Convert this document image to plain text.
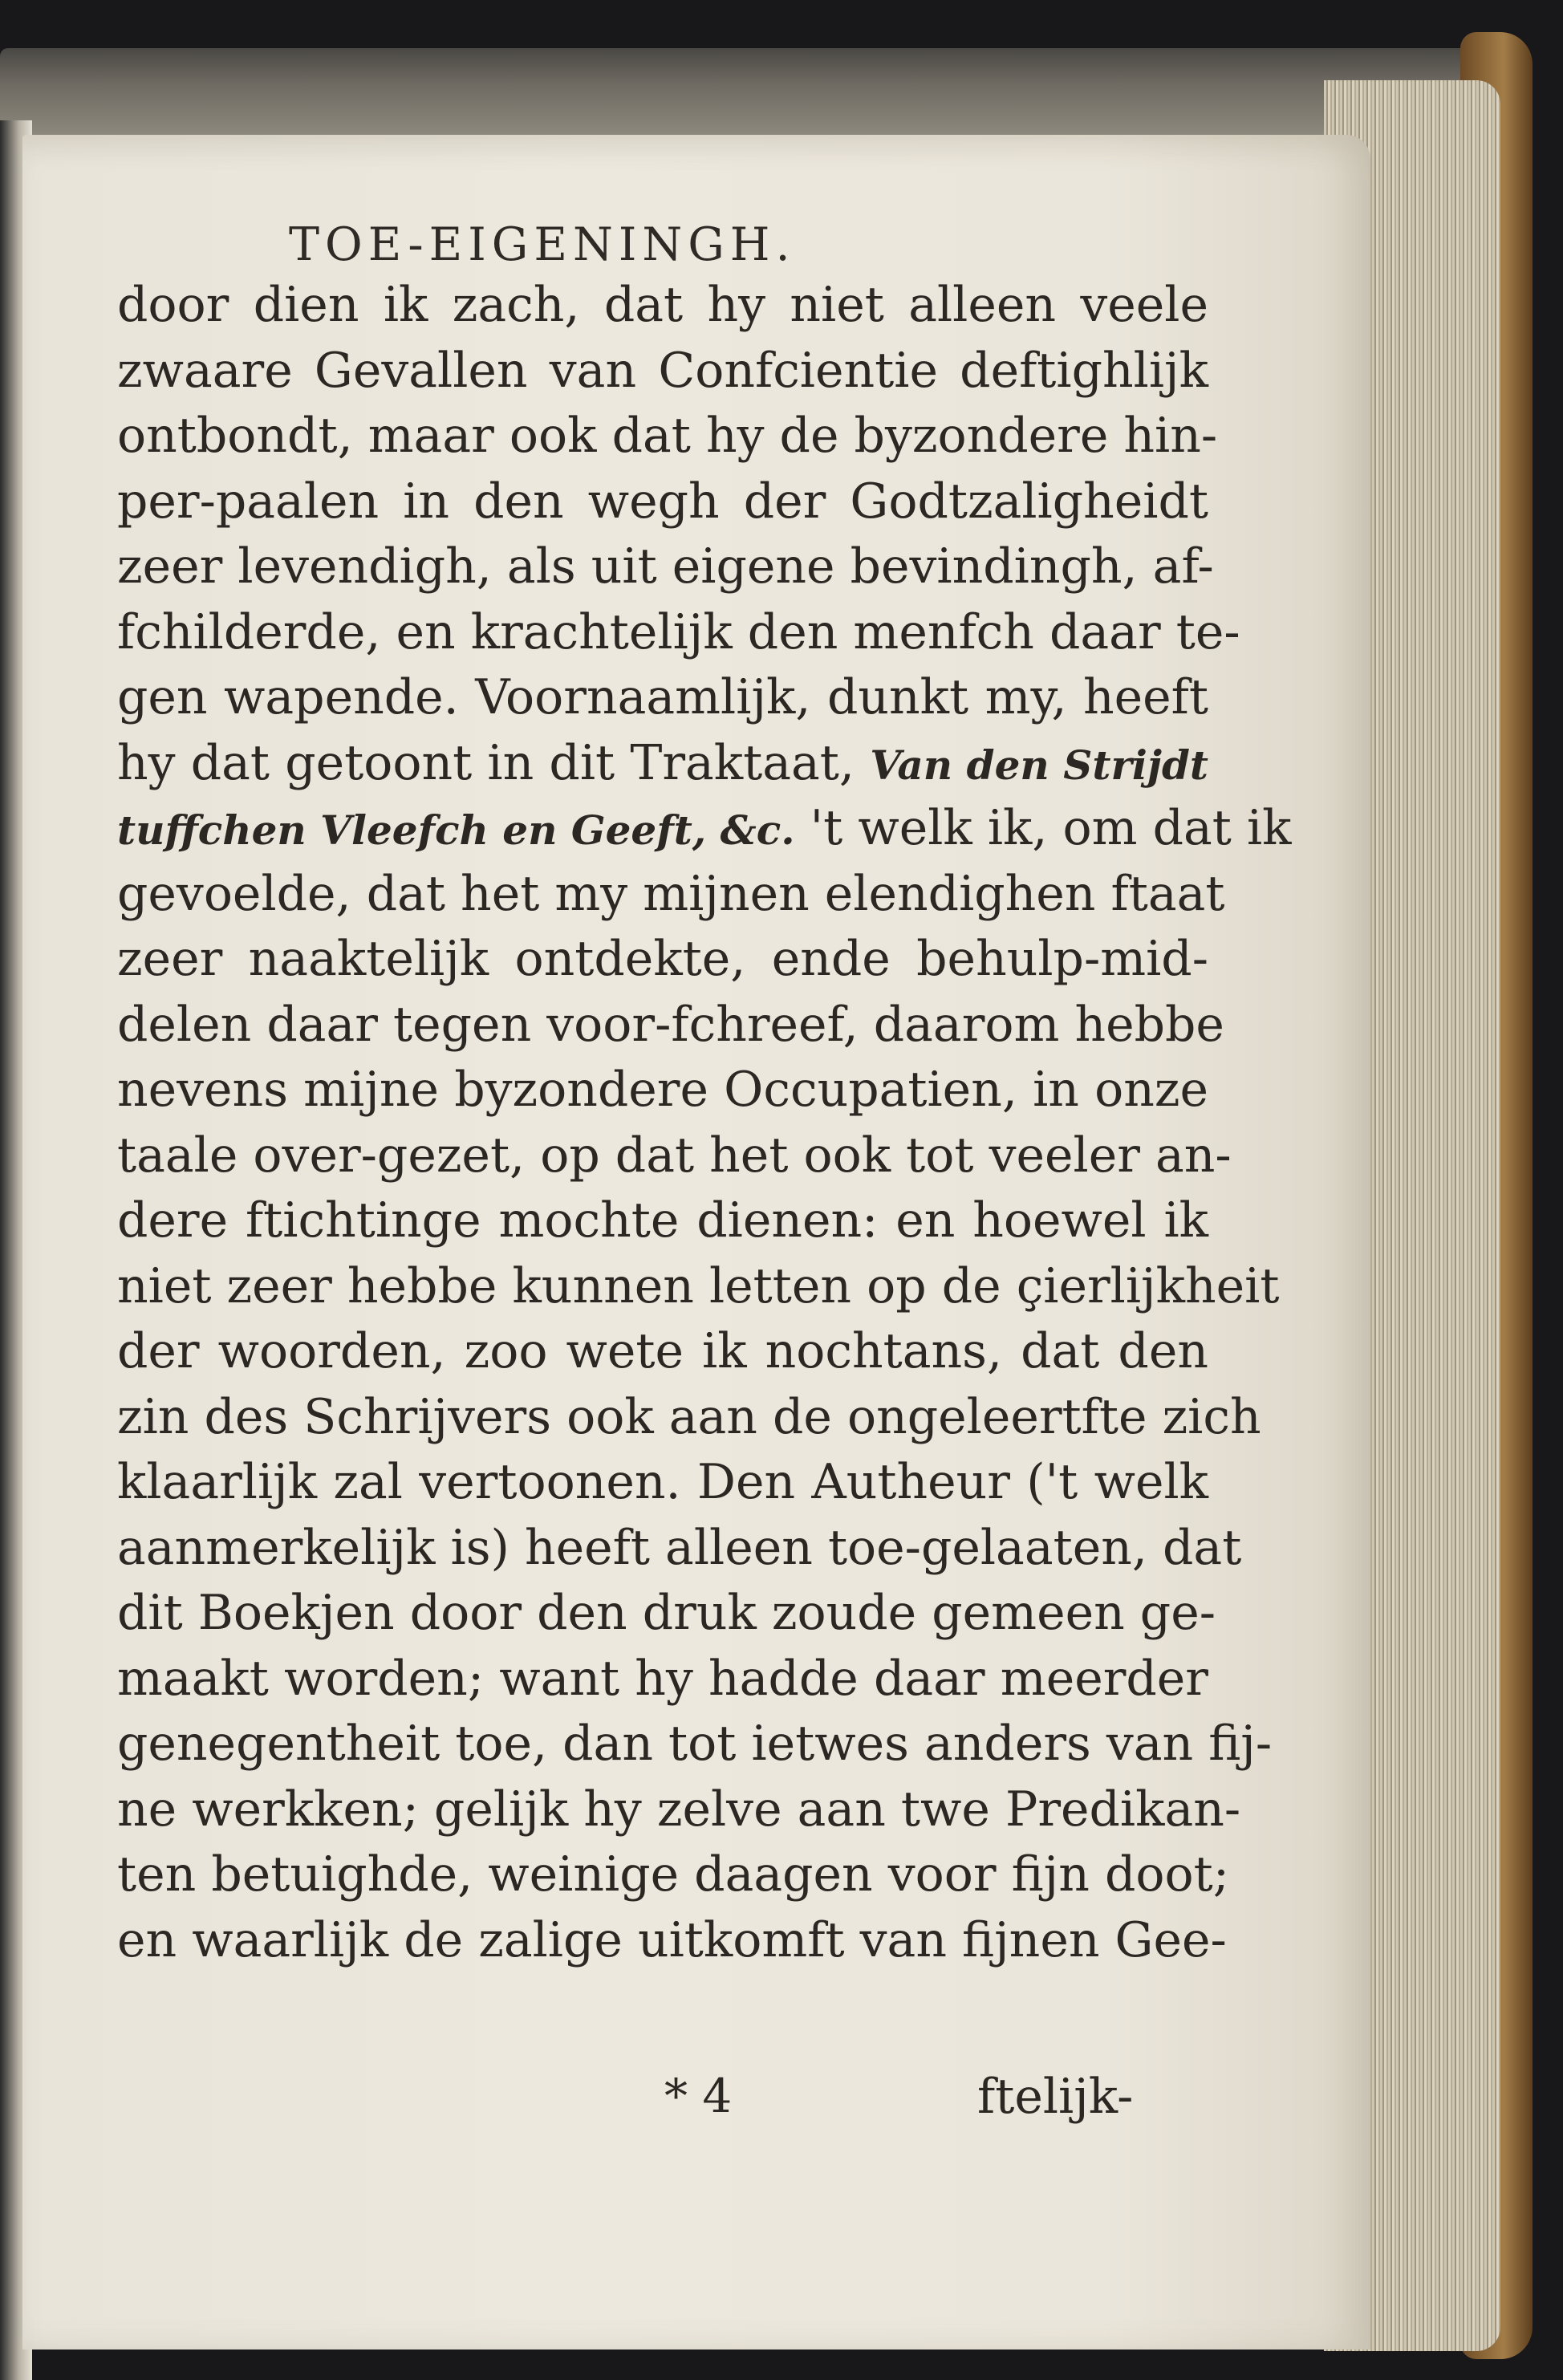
TOE-EIGENINGH.
door dien ik zach, dat hy niet alleen veele
zwaare Gevallen van Confcientie deftighlijk
ontbondt, maar ook dat hy de byzondere hin-
per-paalen in den wegh der Godtzaligheidt
zeer levendigh, als uit eigene bevindingh, af-
fchilderde, en krachtelijk den menfch daar te-
gen wapende. Voornaamlijk, dunkt my, heeft
hy dat getoont in dit Traktaat, Van den Strijdt
tuffchen Vleefch en Geeft, &c. 't welk ik, om dat ik
gevoelde, dat het my mijnen elendighen ftaat
zeer naaktelijk ontdekte, ende behulp-mid-
delen daar tegen voor-fchreef, daarom hebbe
nevens mijne byzondere Occupatien, in onze
taale over-gezet, op dat het ook tot veeler an-
dere ftichtinge mochte dienen: en hoewel ik
niet zeer hebbe kunnen letten op de çierlijkheit
der woorden, zoo wete ik nochtans, dat den
zin des Schrijvers ook aan de ongeleertfte zich
klaarlijk zal vertoonen. Den Autheur ('t welk
aanmerkelijk is) heeft alleen toe-gelaaten, dat
dit Boekjen door den druk zoude gemeen ge-
maakt worden; want hy hadde daar meerder
genegentheit toe, dan tot ietwes anders van fij-
ne werkken; gelijk hy zelve aan twe Predikan-
ten betuighde, weinige daagen voor fijn doot;
en waarlijk de zalige uitkomft van fijnen Gee-
* 4	ftelijk-
